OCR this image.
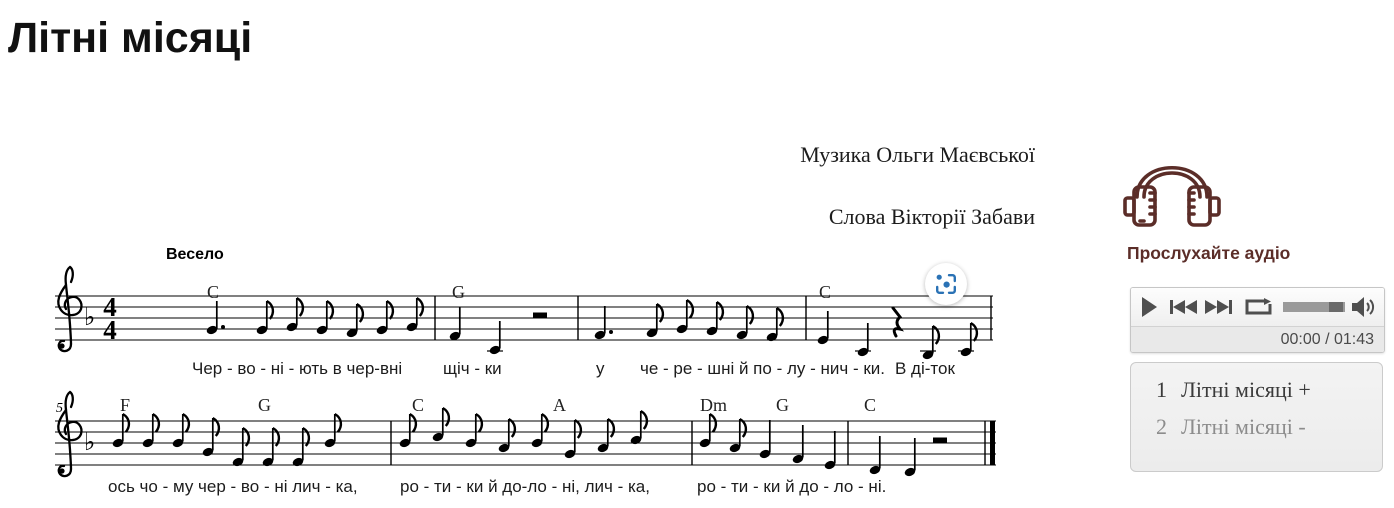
Літні місяці
Музика Ольги Маєвської
Слова Вікторії Забави
♭
♭
4
4
5
Весело
C	G	C
F	G	C	A	Dm	G	C
Чер - во - ні - ють в чер-вні щіч - ки	у че - ре - шні й по - лу - нич - ки. В ді-ток
ось чо - му чер - во - ні лич - ка, ро - ти - ки й до-ло - ні, лич - ка,	ро - ти - ки й до - ло - ні.
Прослухайте аудіо
00:00 / 01:43
1 Літні місяці +
2 Літні місяці -
